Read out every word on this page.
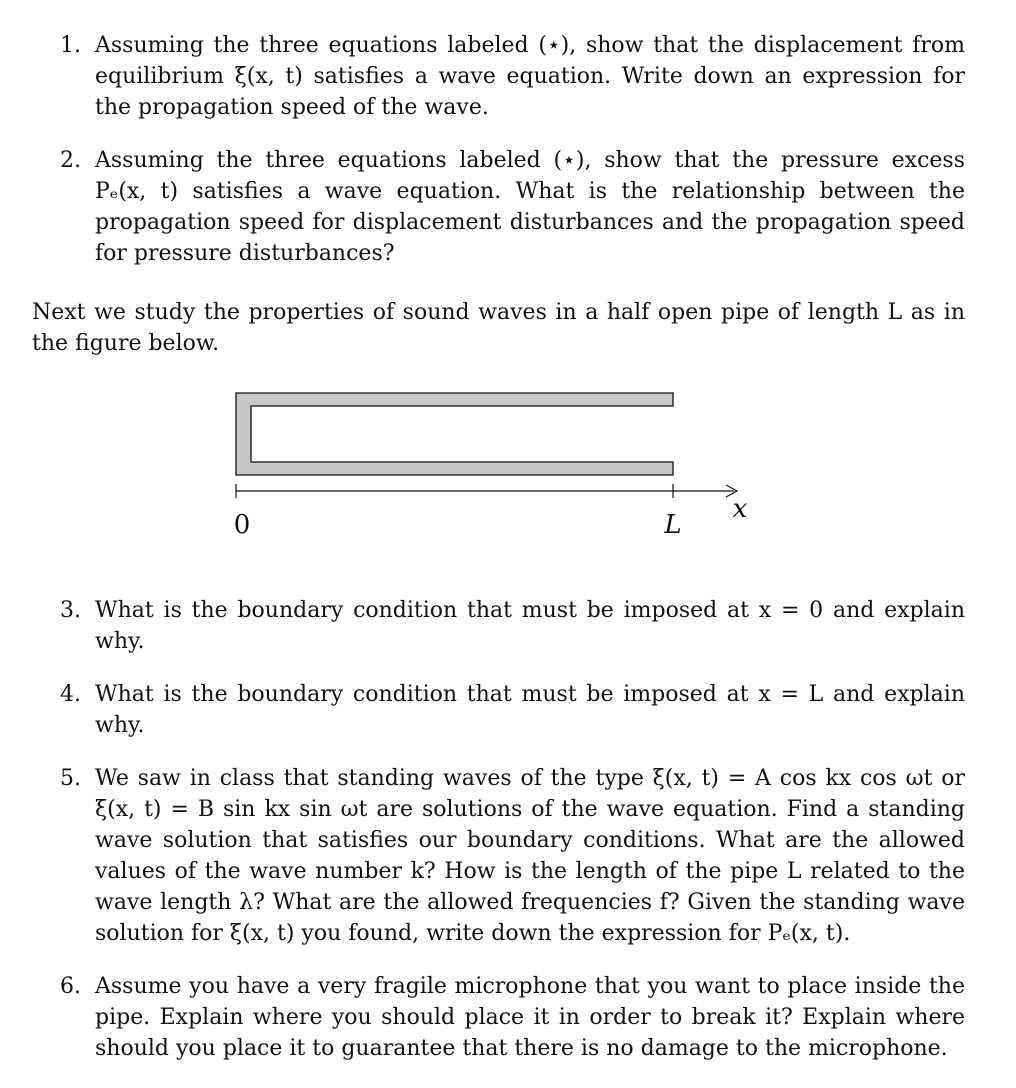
1. Assuming the three equations labeled (⋆), show that the displacement from equilibrium ξ(x, t) satisfies a wave equation. Write down an expression for the propagation speed of the wave.
2. Assuming the three equations labeled (⋆), show that the pressure excess Pₑ(x, t) satisfies a wave equation. What is the relationship between the propagation speed for displacement disturbances and the propagation speed for pressure disturbances?
Next we study the properties of sound waves in a half open pipe of length L as in the figure below.
0	L
x
3. What is the boundary condition that must be imposed at x = 0 and explain why.
4. What is the boundary condition that must be imposed at x = L and explain why.
5. We saw in class that standing waves of the type ξ(x, t) = A cos kx cos ωt or ξ(x, t) = B sin kx sin ωt are solutions of the wave equation. Find a standing wave solution that satisfies our boundary conditions. What are the allowed values of the wave number k? How is the length of the pipe L related to the wave length λ? What are the allowed frequencies f? Given the standing wave solution for ξ(x, t) you found, write down the expression for Pₑ(x, t).
6. Assume you have a very fragile microphone that you want to place inside the pipe. Explain where you should place it in order to break it? Explain where should you place it to guarantee that there is no damage to the microphone.
